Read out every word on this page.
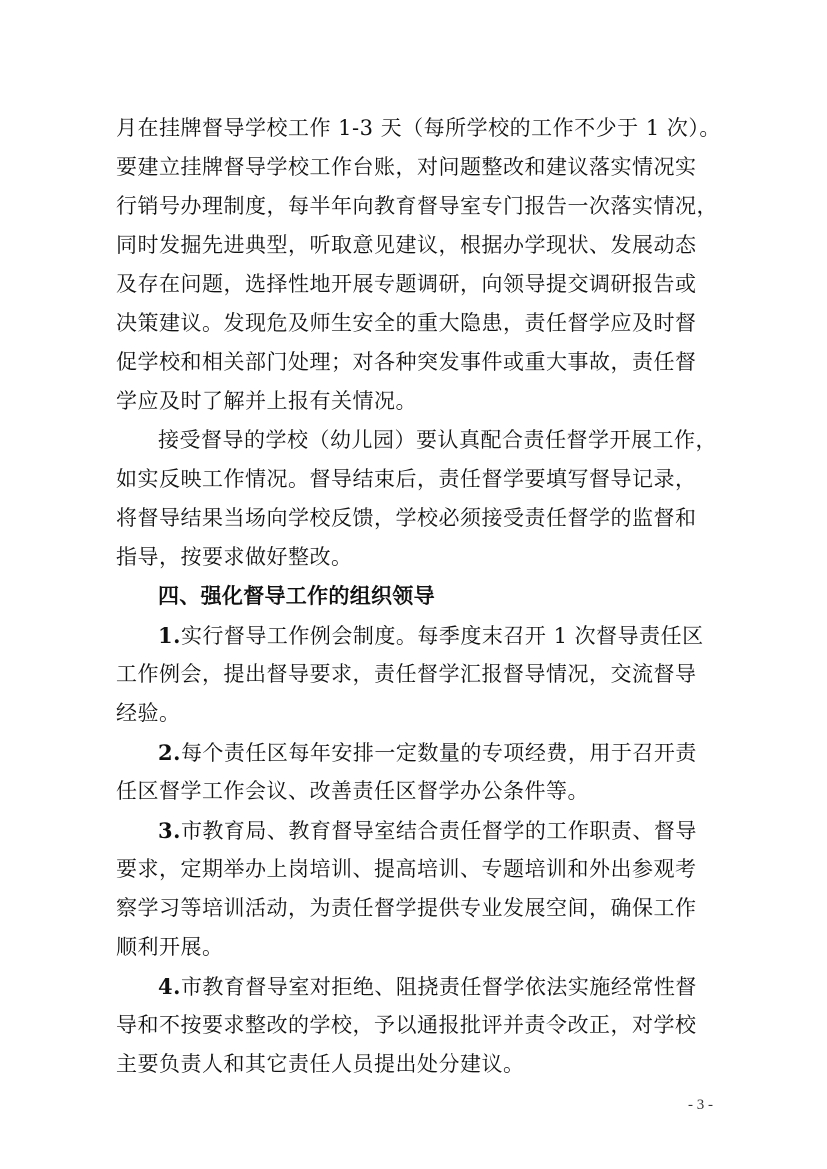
月在挂牌督导学校工作 1-3 天（每所学校的工作不少于 1 次）。
要建立挂牌督导学校工作台账，对问题整改和建议落实情况实
行销号办理制度，每半年向教育督导室专门报告一次落实情况，
同时发掘先进典型，听取意见建议，根据办学现状、发展动态
及存在问题，选择性地开展专题调研，向领导提交调研报告或
决策建议。发现危及师生安全的重大隐患，责任督学应及时督
促学校和相关部门处理；对各种突发事件或重大事故，责任督
学应及时了解并上报有关情况。
接受督导的学校（幼儿园）要认真配合责任督学开展工作，
如实反映工作情况。督导结束后，责任督学要填写督导记录，
将督导结果当场向学校反馈，学校必须接受责任督学的监督和
指导，按要求做好整改。
四、强化督导工作的组织领导
1.实行督导工作例会制度。每季度末召开 1 次督导责任区
工作例会，提出督导要求，责任督学汇报督导情况，交流督导
经验。
2.每个责任区每年安排一定数量的专项经费，用于召开责
任区督学工作会议、改善责任区督学办公条件等。
3.市教育局、教育督导室结合责任督学的工作职责、督导
要求，定期举办上岗培训、提高培训、专题培训和外出参观考
察学习等培训活动，为责任督学提供专业发展空间，确保工作
顺利开展。
4.市教育督导室对拒绝、阻挠责任督学依法实施经常性督
导和不按要求整改的学校，予以通报批评并责令改正，对学校
主要负责人和其它责任人员提出处分建议。
- 3 -
